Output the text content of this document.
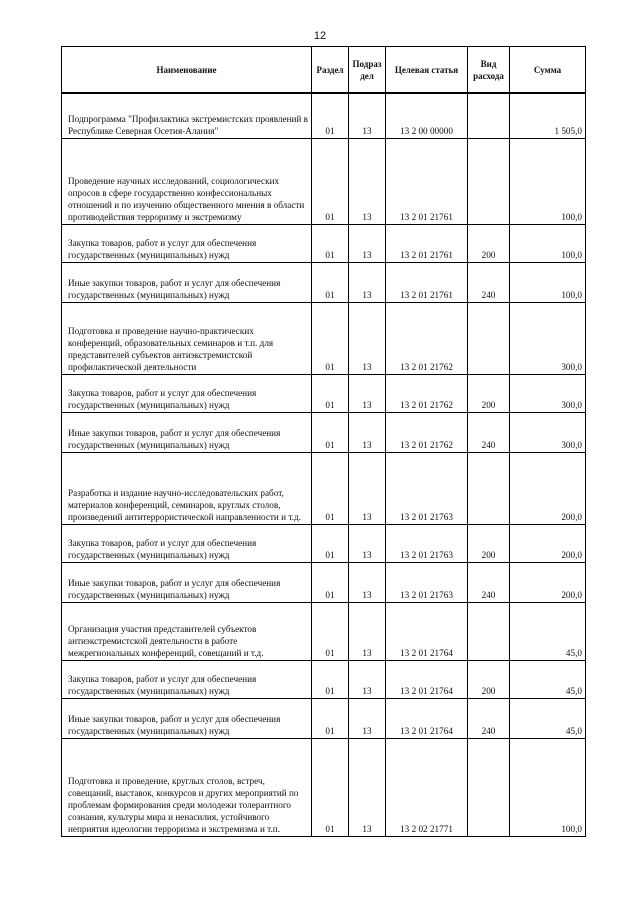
12
Наименование	Раздел	Подраз дел	Целевая статья	Вид расхода	Сумма
Подпрограмма "Профилактика экстремистских проявлений в Республике Северная Осетия-Алания"	01	13	13 2 00 00000		1 505,0
Проведение научных исследований, социологических опросов в сфере государственно конфессиональных отношений и по изучению общественного мнения в области противодействия терроризму и экстремизму	01	13	13 2 01 21761		100,0
Закупка товаров, работ и услуг для обеспечения государственных (муниципальных) нужд	01	13	13 2 01 21761	200	100,0
Иные закупки товаров, работ и услуг для обеспечения государственных (муниципальных) нужд	01	13	13 2 01 21761	240	100,0
Подготовка и проведение научно-практических конференций, образовательных семинаров и т.п. для представителей субъектов антиэкстремистской профилактической деятельности	01	13	13 2 01 21762		300,0
Закупка товаров, работ и услуг для обеспечения государственных (муниципальных) нужд	01	13	13 2 01 21762	200	300,0
Иные закупки товаров, работ и услуг для обеспечения государственных (муниципальных) нужд	01	13	13 2 01 21762	240	300,0
Разработка и издание научно-исследовательских работ, материалов конференций, семинаров, круглых столов, произведений антитеррористической направленности и т.д.	01	13	13 2 01 21763		200,0
Закупка товаров, работ и услуг для обеспечения государственных (муниципальных) нужд	01	13	13 2 01 21763	200	200,0
Иные закупки товаров, работ и услуг для обеспечения государственных (муниципальных) нужд	01	13	13 2 01 21763	240	200,0
Организация участия представителей субъектов антиэкстремистской деятельности в работе межрегиональных конференций, совещаний и т.д.	01	13	13 2 01 21764		45,0
Закупка товаров, работ и услуг для обеспечения государственных (муниципальных) нужд	01	13	13 2 01 21764	200	45,0
Иные закупки товаров, работ и услуг для обеспечения государственных (муниципальных) нужд	01	13	13 2 01 21764	240	45,0
Подготовка и проведение, круглых столов, встреч, совещаний, выставок, конкурсов и других мероприятий по проблемам формирования среди молодежи толерантного сознания, культуры мира и ненасилия, устойчивого неприятия идеологии терроризма и экстремизма и т.п.	01	13	13 2 02 21771		100,0
